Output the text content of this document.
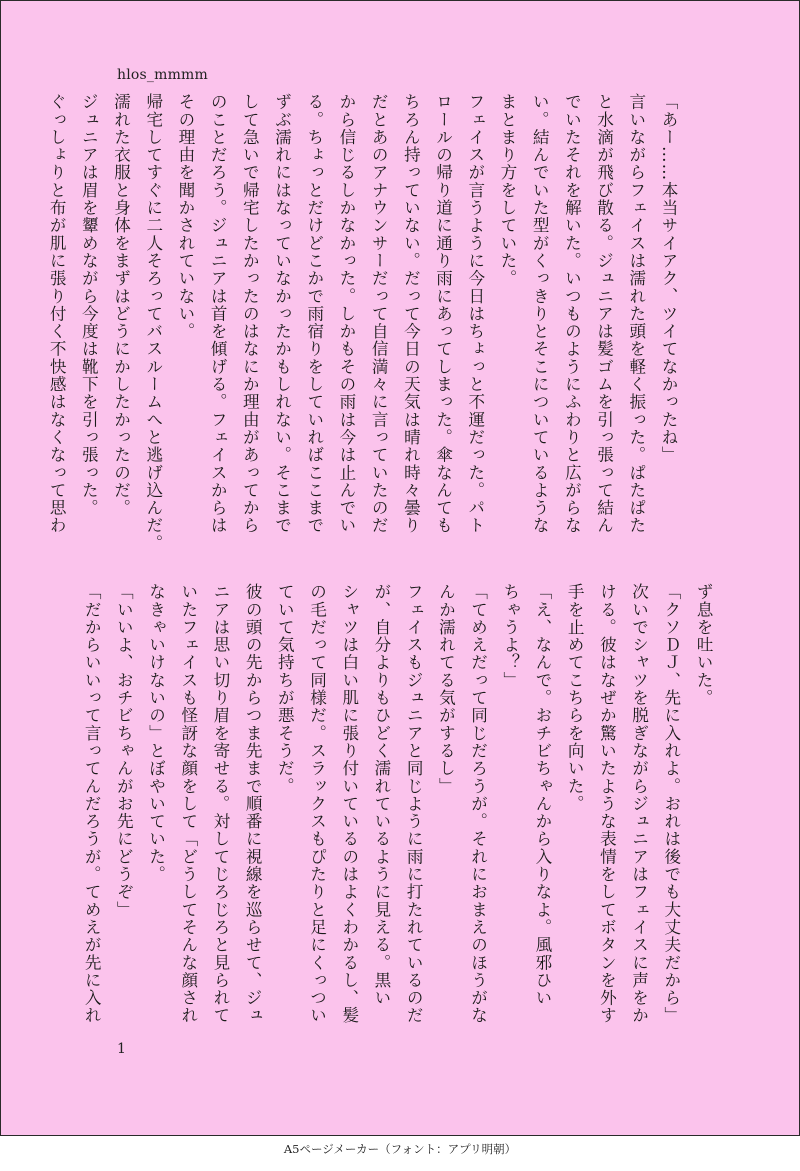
hlos_mmmm
「あー……本当サイアク、ツイてなかったね」
言いながらフェイスは濡れた頭を軽く振った。ぱたぱた
と水滴が飛び散る。ジュニアは髪ゴムを引っ張って結ん
でいたそれを解いた。いつものようにふわりと広がらな
い。結んでいた型がくっきりとそこについているような
まとまり方をしていた。
フェイスが言うように今日はちょっと不運だった。パト
ロールの帰り道に通り雨にあってしまった。傘なんても
ちろん持っていない。だって今日の天気は晴れ時々曇り
だとあのアナウンサーだって自信満々に言っていたのだ
から信じるしかなかった。しかもその雨は今は止んでい
る。ちょっとだけどこかで雨宿りをしていればここまで
ずぶ濡れにはなっていなかったかもしれない。そこまで
して急いで帰宅したかったのはなにか理由があってから
のことだろう。ジュニアは首を傾げる。フェイスからは
その理由を聞かされていない。
帰宅してすぐに二人そろってバスルームへと逃げ込んだ。
濡れた衣服と身体をまずはどうにかしたかったのだ。
ジュニアは眉を顰めながら今度は靴下を引っ張った。
ぐっしょりと布が肌に張り付く不快感はなくなって思わ
ず息を吐いた。
「クソＤＪ、先に入れよ。おれは後でも大丈夫だから」
次いでシャツを脱ぎながらジュニアはフェイスに声をか
ける。彼はなぜか驚いたような表情をしてボタンを外す
手を止めてこちらを向いた。
「え、なんで。おチビちゃんから入りなよ。風邪ひい
ちゃうよ？」
「てめえだって同じだろうが。それにおまえのほうがな
んか濡れてる気がするし」
フェイスもジュニアと同じように雨に打たれているのだ
が、自分よりもひどく濡れているように見える。黒い
シャツは白い肌に張り付いているのはよくわかるし、髪
の毛だって同様だ。スラックスもぴたりと足にくっつい
ていて気持ちが悪そうだ。
彼の頭の先からつま先まで順番に視線を巡らせて、ジュ
ニアは思い切り眉を寄せる。対してじろじろと見られて
いたフェイスも怪訝な顔をして「どうしてそんな顔され
なきゃいけないの」とぼやいていた。
「いいよ、おチビちゃんがお先にどうぞ」
「だからいいって言ってんだろうが。てめえが先に入れ
1
A5ページメーカー（フォント：アプリ明朝）
